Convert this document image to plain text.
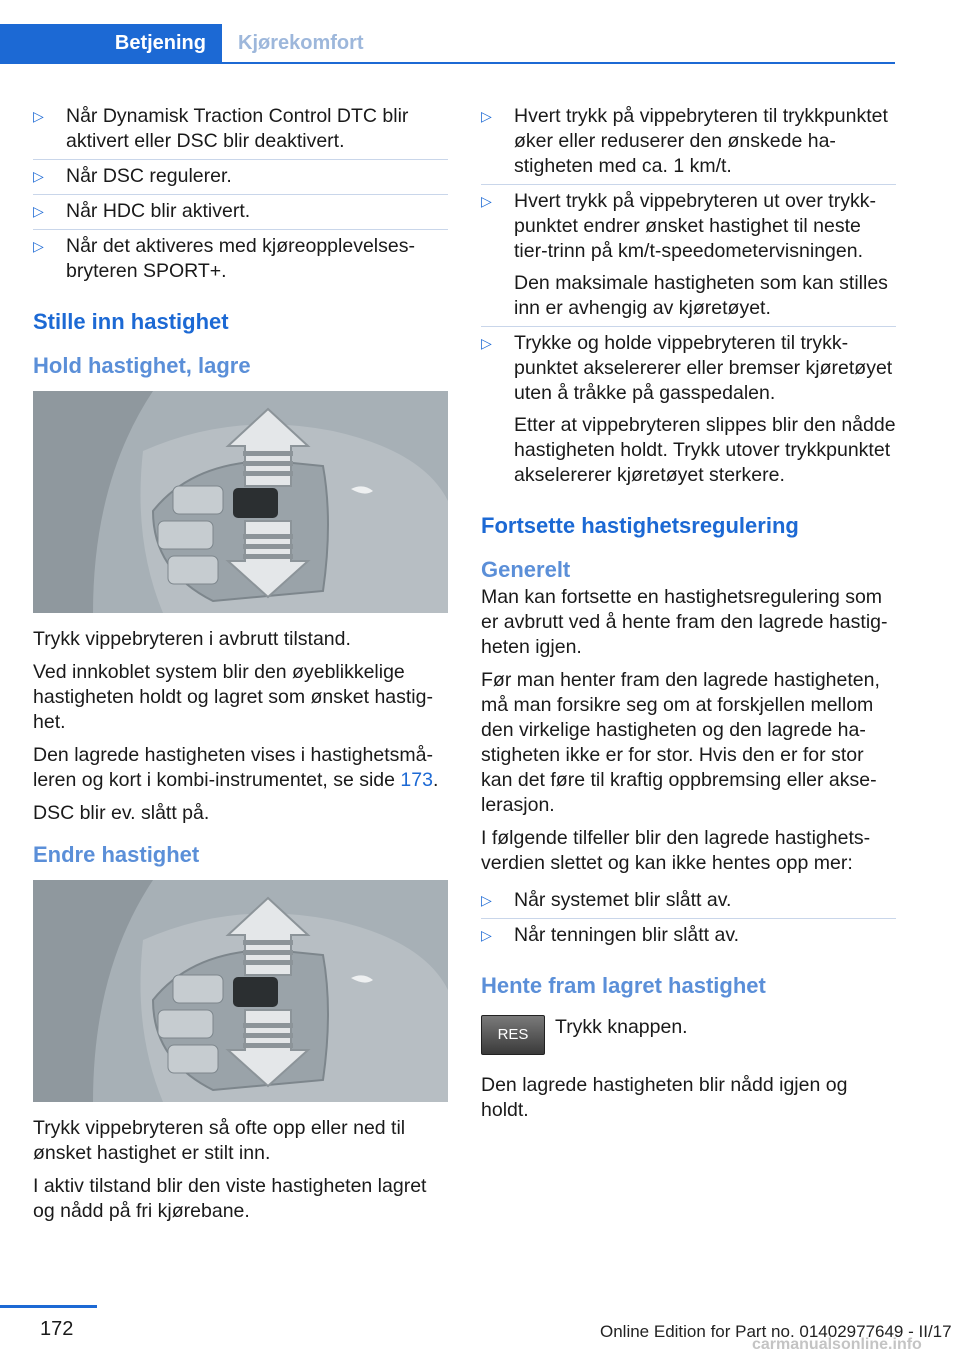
Betjening	Kjørekomfort
▷ Når Dynamisk Traction Control DTC blir aktivert eller DSC blir deaktivert.
▷ Når DSC regulerer.
▷ Når HDC blir aktivert.
▷ Når det aktiveres med kjøreopplevelsesbryteren SPORT+.
Stille inn hastighet
Hold hastighet, lagre

Trykk vippebryteren i avbrutt tilstand.

Ved innkoblet system blir den øyeblikkelige hastigheten holdt og lagret som ønsket hastighet.

Den lagrede hastigheten vises i hastighetsmåleren og kort i kombi-instrumentet, se side 173.

DSC blir ev. slått på.

Endre hastighet

Trykk vippebryteren så ofte opp eller ned til ønsket hastighet er stilt inn.

I aktiv tilstand blir den viste hastigheten lagret og nådd på fri kjørebane.

▷ Hvert trykk på vippebryteren til trykkpunktet øker eller reduserer den ønskede hastigheten med ca. 1 km/t.
▷ Hvert trykk på vippebryteren ut over trykkpunktet endrer ønsket hastighet til neste tier-trinn på km/t-speedometervisningen.
Den maksimale hastigheten som kan stilles inn er avhengig av kjøretøyet.
▷ Trykke og holde vippebryteren til trykkpunktet akselererer eller bremser kjøretøyet uten å tråkke på gasspedalen.
Etter at vippebryteren slippes blir den nådde hastigheten holdt. Trykk utover trykkpunktet akselererer kjøretøyet sterkere.
Fortsette hastighetsregulering
Generelt

Man kan fortsette en hastighetsregulering som er avbrutt ved å hente fram den lagrede hastigheten igjen.

Før man henter fram den lagrede hastigheten, må man forsikre seg om at forskjellen mellom den virkelige hastigheten og den lagrede hastigheten ikke er for stor. Hvis den er for stor kan det føre til kraftig oppbremsing eller akselerasjon.

I følgende tilfeller blir den lagrede hastighetsverdien slettet og kan ikke hentes opp mer:

▷ Når systemet blir slått av.
▷ Når tenningen blir slått av.
Hente fram lagret hastighet
RES	Trykk knappen.

Den lagrede hastigheten blir nådd igjen og holdt.

172	Online Edition for Part no. 01402977649 - II/17
carmanualsonline.info
